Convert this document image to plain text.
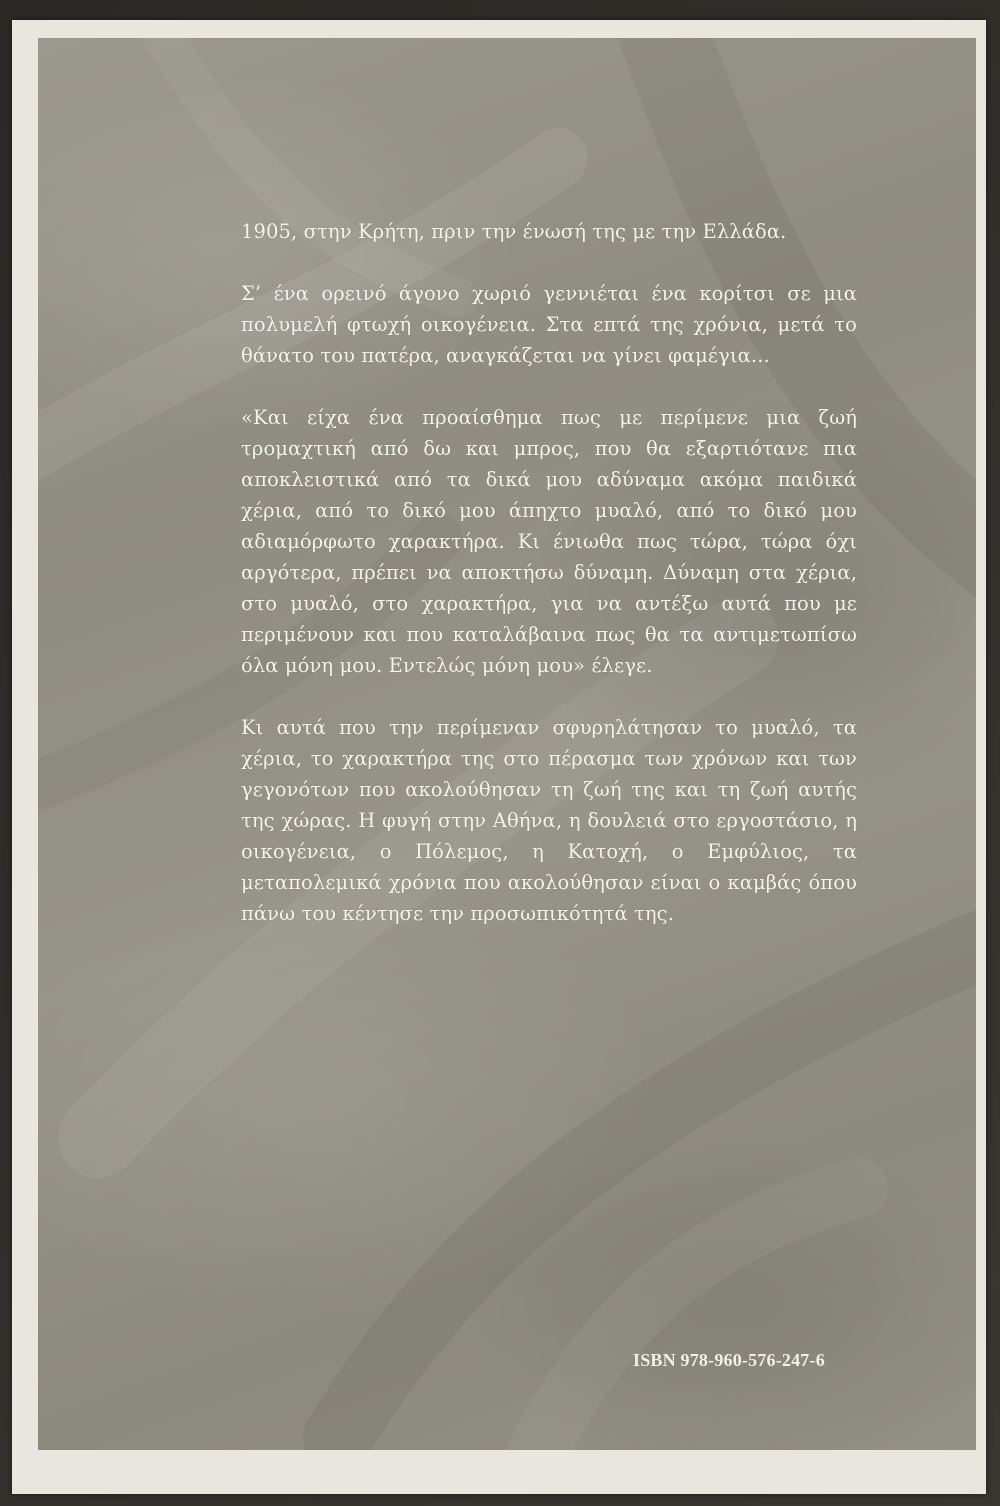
1905, στην Κρήτη, πριν την ένωσή της με την Ελλάδα.

Σ’ ένα ορεινό άγονο χωριό γεννιέται ένα κορίτσι σε μια πολυμελή φτωχή οικογένεια. Στα επτά της χρόνια, μετά το θάνατο του πατέρα, αναγκάζεται να γίνει φαμέγια...

«Και είχα ένα προαίσθημα πως με περίμενε μια ζωή τρομαχτική από δω και μπρος, που θα εξαρτιότανε πια αποκλειστικά από τα δικά μου αδύναμα ακόμα παιδικά χέρια, από το δικό μου άπηχτο μυαλό, από το δικό μου αδιαμόρφωτο χαρακτήρα. Κι ένιωθα πως τώρα, τώρα όχι αργότερα, πρέπει να αποκτήσω δύναμη. Δύναμη στα χέρια, στο μυαλό, στο χαρακτήρα, για να αντέξω αυτά που με περιμένουν και που καταλάβαινα πως θα τα αντιμετωπίσω όλα μόνη μου. Εντελώς μόνη μου» έλεγε.

Κι αυτά που την περίμεναν σφυρηλάτησαν το μυαλό, τα χέρια, το χαρακτήρα της στο πέρασμα των χρόνων και των γεγονότων που ακολούθησαν τη ζωή της και τη ζωή αυτής της χώρας. Η φυγή στην Αθήνα, η δουλειά στο εργοστάσιο, η οικογένεια, ο Πόλεμος, η Κατοχή, ο Εμφύλιος, τα μεταπολεμικά χρόνια που ακολούθησαν είναι ο καμβάς όπου πάνω του κέντησε την προσωπικότητά της.

ISBN 978-960-576-247-6
